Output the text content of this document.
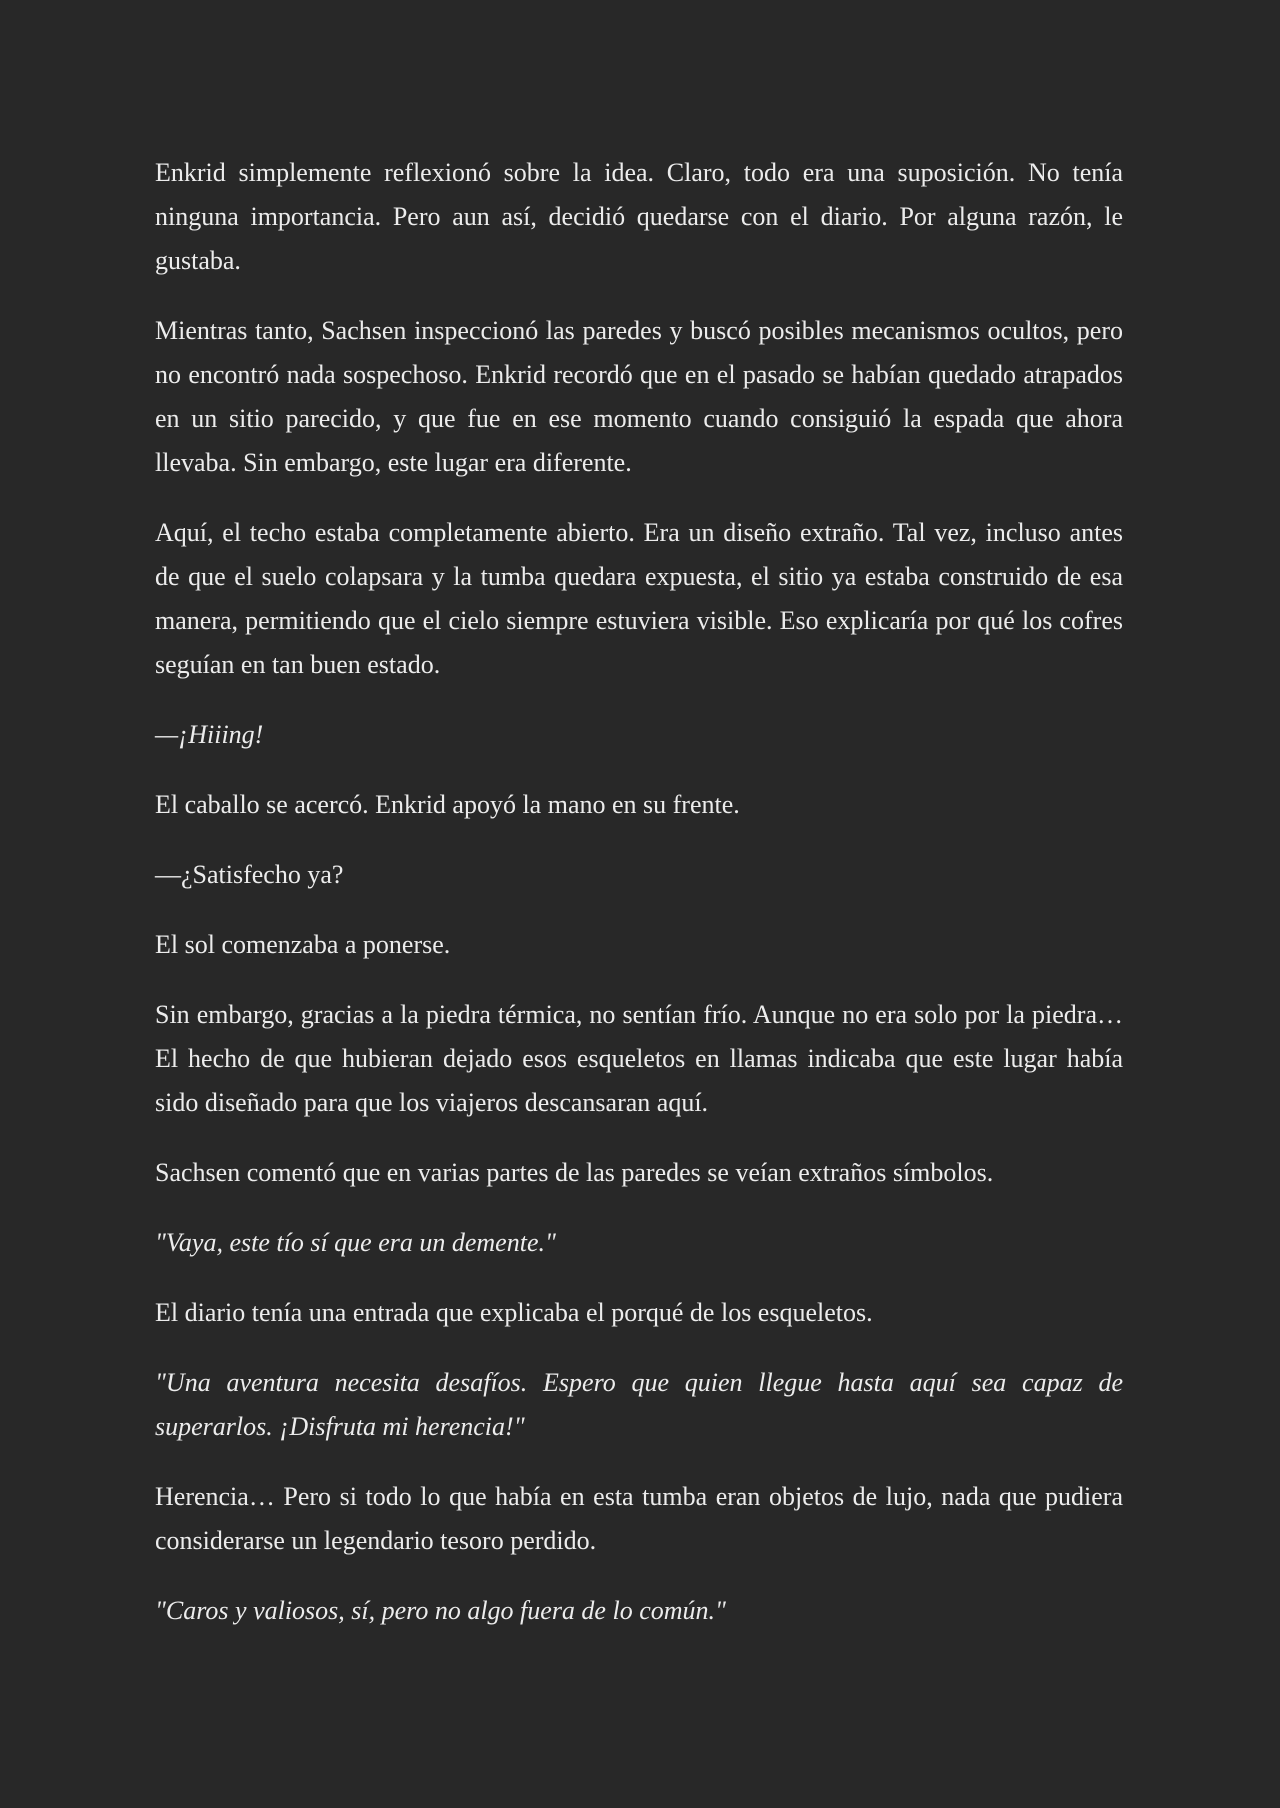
Enkrid simplemente reflexionó sobre la idea. Claro, todo era una suposición. No tenía ninguna importancia. Pero aun así, decidió quedarse con el diario. Por alguna razón, le gustaba.

Mientras tanto, Sachsen inspeccionó las paredes y buscó posibles mecanismos ocultos, pero no encontró nada sospechoso. Enkrid recordó que en el pasado se habían quedado atrapados en un sitio parecido, y que fue en ese momento cuando consiguió la espada que ahora llevaba. Sin embargo, este lugar era diferente.

Aquí, el techo estaba completamente abierto. Era un diseño extraño. Tal vez, incluso antes de que el suelo colapsara y la tumba quedara expuesta, el sitio ya estaba construido de esa manera, permitiendo que el cielo siempre estuviera visible. Eso explicaría por qué los cofres seguían en tan buen estado.

—¡Hiiing!

El caballo se acercó. Enkrid apoyó la mano en su frente.

—¿Satisfecho ya?

El sol comenzaba a ponerse.

Sin embargo, gracias a la piedra térmica, no sentían frío. Aunque no era solo por la piedra… El hecho de que hubieran dejado esos esqueletos en llamas indicaba que este lugar había sido diseñado para que los viajeros descansaran aquí.

Sachsen comentó que en varias partes de las paredes se veían extraños símbolos.

"Vaya, este tío sí que era un demente."

El diario tenía una entrada que explicaba el porqué de los esqueletos.

"Una aventura necesita desafíos. Espero que quien llegue hasta aquí sea capaz de superarlos. ¡Disfruta mi herencia!"

Herencia… Pero si todo lo que había en esta tumba eran objetos de lujo, nada que pudiera considerarse un legendario tesoro perdido.

"Caros y valiosos, sí, pero no algo fuera de lo común."
